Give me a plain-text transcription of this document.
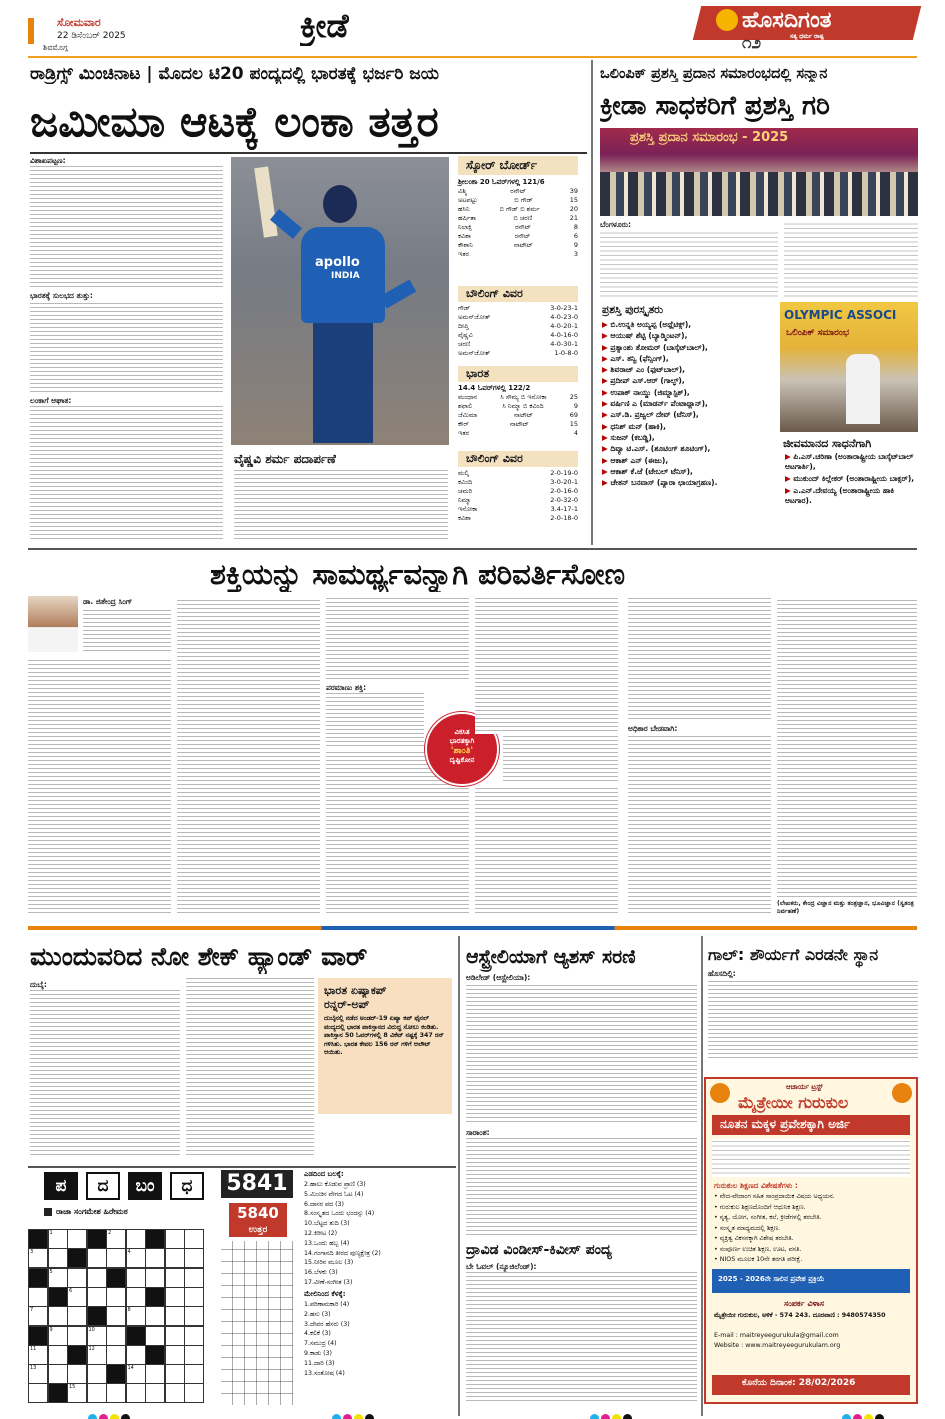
ಸೋಮವಾರ
22 ಡಿಸೆಂಬರ್ 2025
ಶಿವಮೊಗ್ಗ
ಕ್ರೀಡೆ	ಹೊಸದಿಗಂತ
ಸತ್ಯ ಧರ್ಮ ರಾಷ್ಟ್ರ
೧೨
ರಾಡ್ರಿಗ್ಸ್ ಮಿಂಚಿನಾಟ | ಮೊದಲ ಟಿ20 ಪಂದ್ಯದಲ್ಲಿ ಭಾರತಕ್ಕೆ ಭರ್ಜರಿ ಜಯ
ಜಮೀಮಾ ಆಟಕ್ಕೆ ಲಂಕಾ ತತ್ತರ
ವಿಶಾಖಪಟ್ಟಣ:
ಭಾರತಕ್ಕೆ ಸುಲಭದ ತುತ್ತು:
ಲಂಕಾಗೆ ಆಘಾತ:
apollo
INDIA
ವೈಷ್ಣವಿ ಶರ್ಮ ಪದಾರ್ಪಣೆ
ಸ್ಕೋರ್ ಬೋರ್ಡ್
ಶ್ರೀಲಂಕಾ 20 ಓವರ್‌ಗಳಲ್ಲಿ 121/6
ವಿಶ್ಮಿ	ರನೌಟ್	39
ಅಟಪಟ್ಟು	ಬಿ ಗೌಡ್	15
ಹಸಿನಿ	ಬಿ ಗೌಡ್ ಬಿ ಶರ್ಮ	20
ಹರ್ಷಿತಾ	ಬಿ ಚರಣಿ	21
ನಿಲಾಕ್ಷಿ	ರನೌಟ್	8
ಕವಿಶಾ	ರನೌಟ್	6
ಕೌಶಾನಿ	ನಾಟೌಟ್	9
ಇತರ	3
ಬೌಲಿಂಗ್ ವಿವರ
ಗೌಡ್	3-0-23-1
ಅಮನ್‌ಜೋತ್	4-0-23-0
ದೀಪ್ತಿ	4-0-20-1
ವೈಷ್ಣವಿ	4-0-16-0
ಚರಣಿ	4-0-30-1
ಅಮನ್‌ಜೋತ್	1-0-8-0
ಭಾರತ
14.4 ಓವರ್‌ಗಳಲ್ಲಿ 122/2
ಮಂಧಾನ	ಸಿ ಸೌಮ್ಯ ಬಿ ಇನೋಕಾ	25
ಶಫಾಲಿ	ಸಿ ನಿಮ್ಮಾ ಬಿ ಕವಿಂದಿ	9
ಜೆಮಿಮಾ	ನಾಟೌಟ್	69
ಕೌರ್	ನಾಟೌಟ್	15
ಇತರ	4
ಬೌಲಿಂಗ್ ವಿವರ
ಮಲ್ಕಿ	2-0-19-0
ಕವಿಂದಿ	3-0-20-1
ಚಮರಿ	2-0-16-0
ನಿಮ್ಮಾ	2-0-32-0
ಇನೋಕಾ	3.4-17-1
ಕವಿಶಾ	2-0-18-0
ಒಲಿಂಪಿಕ್ ಪ್ರಶಸ್ತಿ ಪ್ರದಾನ ಸಮಾರಂಭದಲ್ಲಿ ಸನ್ಮಾನ
ಕ್ರೀಡಾ ಸಾಧಕರಿಗೆ ಪ್ರಶಸ್ತಿ ಗರಿ
ಪ್ರಶಸ್ತಿ ಪ್ರದಾನ ಸಮಾರಂಭ - 2025
ಬೆಂಗಳೂರು:
ಪ್ರಶಸ್ತಿ ಪುರಸ್ಕೃತರು
▶ ಬಿ.ಉನ್ನತಿ ಅಯ್ಯಪ್ಪ (ಅಥ್ಲೆಟಿಕ್ಸ್),
▶ ಆಯುಷ್ ಶೆಟ್ಟಿ (ಬ್ಯಾಡ್ಮಿಂಟನ್),
▶ ಪ್ರತ್ಯಾಂಶು ತೋಮರ್ (ಬಾಸ್ಕೆಟ್‌ಬಾಲ್),
▶ ಎಸ್. ತನ್ವಿ (ಫೆನ್ಸಿಂಗ್),
▶ ಶಿವರಾಜ್ ಎಂ (ಫುಟ್‌ಬಾಲ್),
▶ ಪ್ರದೀಪ್ ಎಸ್.ಆರ್ (ಗಾಲ್ಫ್),
▶ ಉಪಾಕ್ ನಾಯ್ಡು (ಜಿಮ್ನಾಸ್ಟಿಕ್),
▶ ವರ್ಷಿಣಿ ಎ (ಮಾಡರ್ನ್ ಪೆಂಟಾಥ್ಲಾನ್),
▶ ಎಸ್.ಡಿ. ಪ್ರಜ್ವಲ್ ದೇವ್ (ಟೆನಿಸ್),
▶ ಧನಿಶ್ ಮನ್ (ಹಾಕಿ),
▶ ಸುಜನ್ (ಕಬಡ್ಡಿ),
▶ ದಿವ್ಯಾ ಟಿ.ಎಸ್. (ಶೂಟಿಂಗ್ ಶೂಟಿಂಗ್),
▶ ಆಕಾಶ್ ಎನ್ (ಈಜು),
▶ ಆಕಾಶ್ ಕೆ.ಜೆ (ಟೇಬಲ್ ಟೆನಿಸ್),
▶ ಚೇತನ್ ಬನವಾಸ್ (ಪ್ಯಾರಾ ಛಾಯಾಗ್ರಹಣ).
OLYMPIC ASSOCI
ಒಲಿಂಪಿಕ್ ಸಮಾರಂಭ
ಜೀವಮಾನದ ಸಾಧನೆಗಾಗಿ
▶ ಪಿ.ಎಸ್.ಚರಿಣಾ (ಅಂತಾರಾಷ್ಟ್ರೀಯ ಬಾಸ್ಕೆಟ್‌ಬಾಲ್ ಆಟಗಾರ್ತಿ),
▶ ಮುಕುಂದ್ ಕಿಲ್ಲೇಕರ್ (ಅಂತಾರಾಷ್ಟ್ರೀಯ ಬಾಕ್ಸರ್),
▶ ಎ.ಎನ್.ದೇವಯ್ಯ (ಅಂತಾರಾಷ್ಟ್ರೀಯ ಹಾಕಿ ಆಟಗಾರ).
ಶಕ್ತಿಯನ್ನು ಸಾಮರ್ಥ್ಯವನ್ನಾಗಿ ಪರಿವರ್ತಿಸೋಣ
ಡಾ. ಜಿತೇಂದ್ರ ಸಿಂಗ್
ಪರಮಾಣು ಶಕ್ತಿ:
ವಿಕಸಿತ
ಭಾರತಕ್ಕಾಗಿ
'ಶಾಂತಿ'
ದೃಷ್ಟಿಕೋನ
ಅಧಿಕಾರ ಬೇಡವಾಗಿ:
(ಲೇಖಕರು, ಕೇಂದ್ರ ವಿಜ್ಞಾನ ಮತ್ತು ತಂತ್ರಜ್ಞಾನ, ಭೂವಿಜ್ಞಾನ (ಸ್ವತಂತ್ರ ನಿರ್ವಹಣೆ)
ಮುಂದುವರಿದ ನೋ ಶೇಕ್ ಹ್ಯಾಂಡ್ ವಾರ್
ದುಬೈ:	ಭಾರತ ಏಷ್ಯಾಕಪ್
ರನ್ನರ್-ಅಪ್
ದುಬೈನಲ್ಲಿ ನಡೆದ ಅಂಡರ್-19 ಏಷ್ಯಾ ಕಪ್ ಫೈನಲ್ ಪಂದ್ಯದಲ್ಲಿ ಭಾರತ ಪಾಕಿಸ್ತಾನದ ವಿರುದ್ಧ ಸೋಲು ಕಂಡಿತು. ಪಾಕಿಸ್ತಾನ 50 ಓವರ್‌ಗಳಲ್ಲಿ 8 ವಿಕೆಟ್ ನಷ್ಟಕ್ಕೆ 347 ರನ್ ಗಳಿಸಿತು. ಭಾರತ ಕೇವಲ 156 ರನ್ ಗಳಿಗೆ ಆಲೌಟ್ ಆಯಿತು.
ಆಸ್ಟ್ರೇಲಿಯಾಗೆ ಆ್ಯಶಸ್ ಸರಣಿ
ಅಡಿಲೇಡ್ (ಆಸ್ಟ್ರೇಲಿಯಾ):
ಸಾರಾಂಶ:
ದ್ರಾವಿಡ ವಿಂಡೀಸ್-ಕಿವೀಸ್ ಪಂದ್ಯ
ಬೇ ಓವಲ್ (ನ್ಯೂಜಿಲೆಂಡ್):
ಗಾಲ್: ಶೌರ್ಯಗೆ ಎರಡನೇ ಸ್ಥಾನ
ಹೊಸದಿಲ್ಲಿ:
ಆಚಾರ್ಯ ಟ್ರಸ್ಟ್
ಮೈತ್ರೇಯೀ ಗುರುಕುಲ
ನೂತನ ಮಕ್ಕಳ ಪ್ರವೇಶಕ್ಕಾಗಿ ಅರ್ಜಿ
ಗುರುಕುಲ ಶಿಕ್ಷಣದ ವಿಶೇಷತೆಗಳು :
• ವೇದ-ವೇದಾಂಗ ಸಹಿತ ಸಾಂಪ್ರದಾಯಿಕ ವಿಷಯ ಅಧ್ಯಯನ.
• ಗುರುಕುಲ ಶಿಕ್ಷಣದೊಂದಿಗೆ ಆಧುನಿಕ ಶಿಕ್ಷಣ.
• ನೃತ್ಯ, ಯೋಗ, ಸಂಗೀತ, ಕಲೆ, ಕ್ರೀಡೆಗಳಲ್ಲಿ ತರಬೇತಿ.
• ಸಂಸ್ಕೃತ ಮಾಧ್ಯಮದಲ್ಲಿ ಶಿಕ್ಷಣ.
• ವ್ಯಕ್ತಿತ್ವ ವಿಕಸನಕ್ಕಾಗಿ ವಿಶೇಷ ತರಬೇತಿ.
• ಸಂಪೂರ್ಣ ಉಚಿತ ಶಿಕ್ಷಣ, ಊಟ, ವಸತಿ.
• NIOS ಮೂಲಕ 10ನೇ ತರಗತಿ ಪರೀಕ್ಷೆ.
2025 - 2026ನೇ ಸಾಲಿನ ಪ್ರವೇಶ ಪ್ರಕ್ರಿಯೆ
ಸಂಪರ್ಕ ವಿಳಾಸ
ಮೈತ್ರೇಯೀ ಗುರುಕುಲ, ಅಳಿಕೆ - 574 243. ದೂರವಾಣಿ : 9480574350
E-mail : maitreyeegurukula@gmail.com
Website : www.maitreyeegurukulam.org
ಕೊನೆಯ ದಿನಾಂಕ: 28/02/2026
ಪ	ದ	ಬಂ	ಧ
ರಾಜಾ ಸಂಗಮೇಶ ಹಿರೇಮಠ
1	2
3	4
5
6
7	8
9	10
11	12
13	14
15
5841
5840
ಉತ್ತರ
ಎಡದಿಂದ ಬಲಕ್ಕೆ:
2.ಹಾಲು ಕೊಡುವ ಪ್ರಾಣಿ (3)
5.ಮಿಂಚಿನ ವೇಗದ ಓಟ (4)
6.ದಾಸರ ಪದ (3)
8.ಸಂಸ್ಕೃತದ ಒಂದು ಛಂದಸ್ಸು (4)
10.ಬೆಟ್ಟದ ತುದಿ (3)
12.ಕಿರೀಟ (2)
13.ಒಂದು ಹಬ್ಬ (4)
14.ಗಂಗಾನದಿ ತೀರದ ಪುಣ್ಯಕ್ಷೇತ್ರ (2)
15.ನೀರಿನ ಮೂಲ (3)
16.ಬೆಳಕು (3)
17.ವೀಣೆ-ಸಂಗೀತ (3)
ಮೇಲಿನಿಂದ ಕೆಳಕ್ಕೆ:
1.ಪರಿಣಾಮಕಾರಿ (4)
2.ಹಸು (3)
3.ದೇವರ ಹೆಸರು (3)
4.ಕಲಿಕೆ (3)
7.ಸಮುದ್ರ (4)
9.ಕಾಡು (3)
11.ದಾರಿ (3)
13.ಸಂತೋಷ (4)
